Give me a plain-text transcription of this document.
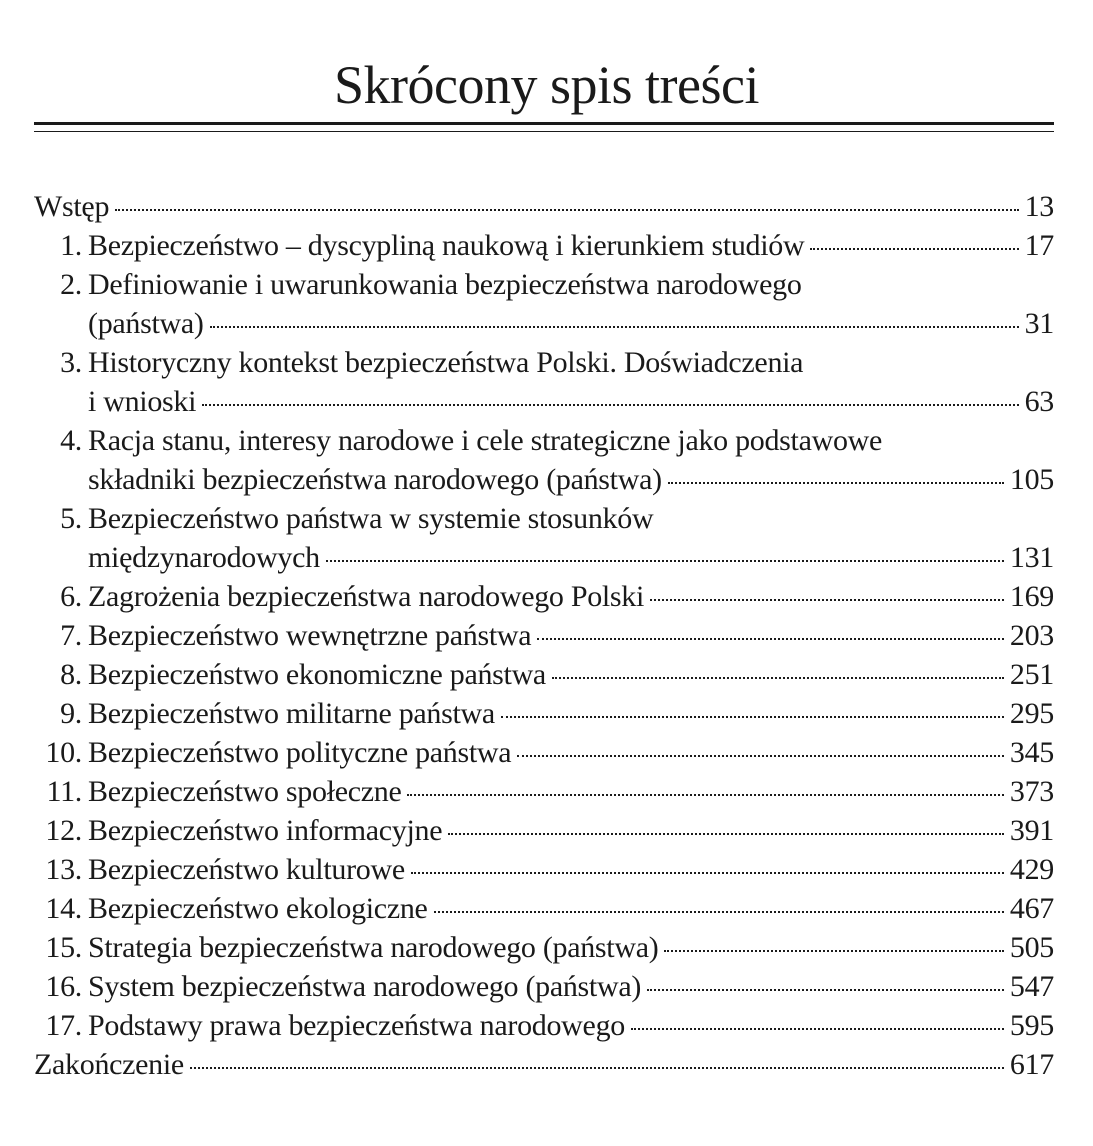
Skrócony spis treści
Wstęp	13
1. Bezpieczeństwo – dyscypliną naukową i kierunkiem studiów	17
2. Definiowanie i uwarunkowania bezpieczeństwa narodowego
(państwa)	31
3. Historyczny kontekst bezpieczeństwa Polski. Doświadczenia
i wnioski	63
4. Racja stanu, interesy narodowe i cele strategiczne jako podstawowe
składniki bezpieczeństwa narodowego (państwa)	105
5. Bezpieczeństwo państwa w systemie stosunków
międzynarodowych	131
6. Zagrożenia bezpieczeństwa narodowego Polski	169
7. Bezpieczeństwo wewnętrzne państwa	203
8. Bezpieczeństwo ekonomiczne państwa	251
9. Bezpieczeństwo militarne państwa	295
10. Bezpieczeństwo polityczne państwa	345
11. Bezpieczeństwo społeczne	373
12. Bezpieczeństwo informacyjne	391
13. Bezpieczeństwo kulturowe	429
14. Bezpieczeństwo ekologiczne	467
15. Strategia bezpieczeństwa narodowego (państwa)	505
16. System bezpieczeństwa narodowego (państwa)	547
17. Podstawy prawa bezpieczeństwa narodowego	595
Zakończenie	617
